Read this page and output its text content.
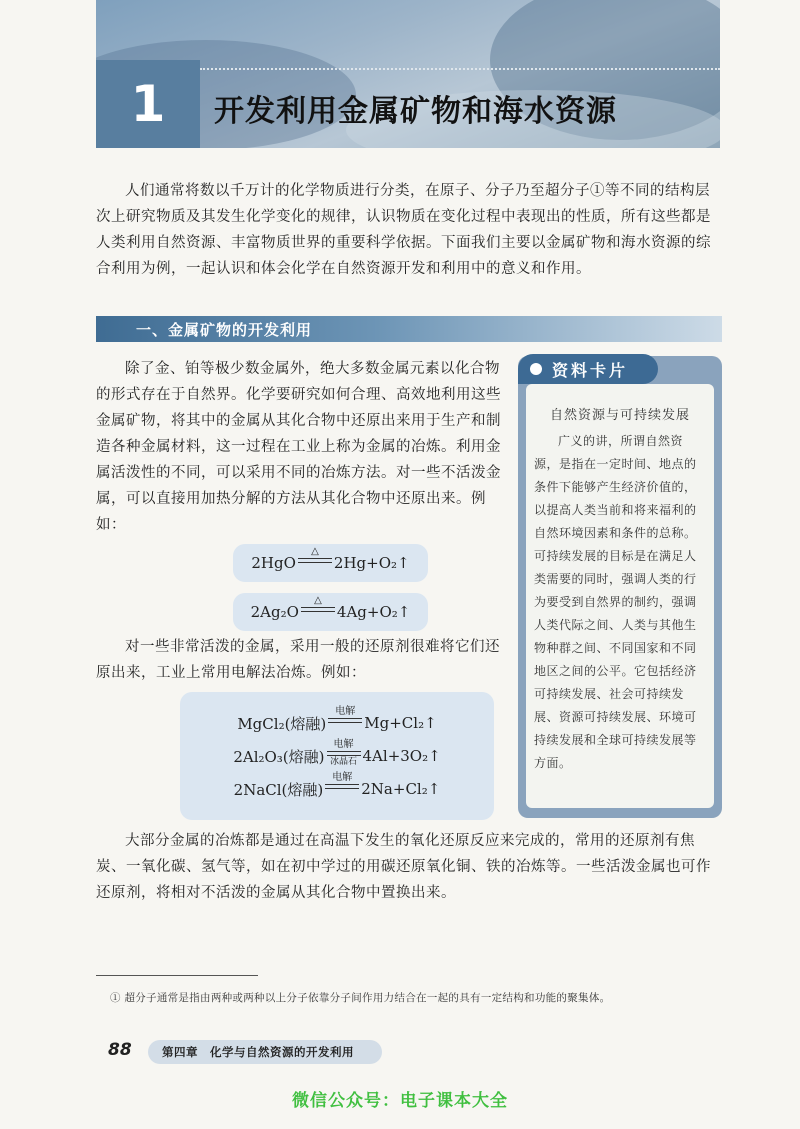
1	开发利用金属矿物和海水资源

人们通常将数以千万计的化学物质进行分类，在原子、分子乃至超分子①等不同的结构层次上研究物质及其发生化学变化的规律，认识物质在变化过程中表现出的性质，所有这些都是人类利用自然资源、丰富物质世界的重要科学依据。下面我们主要以金属矿物和海水资源的综合利用为例，一起认识和体会化学在自然资源开发和利用中的意义和作用。

一、金属矿物的开发利用

除了金、铂等极少数金属外，绝大多数金属元素以化合物的形式存在于自然界。化学要研究如何合理、高效地利用这些金属矿物，将其中的金属从其化合物中还原出来用于生产和制造各种金属材料，这一过程在工业上称为金属的冶炼。利用金属活泼性的不同，可以采用不同的冶炼方法。对一些不活泼金属，可以直接用加热分解的方法从其化合物中还原出来。例如：

2HgO
△
2Hg+O₂↑
2Ag₂O
△
4Ag+O₂↑

对一些非常活泼的金属，采用一般的还原剂很难将它们还原出来，工业上常用电解法冶炼。例如：

MgCl₂(熔融)
电解
Mg+Cl₂↑
2Al₂O₃(熔融)
电解
冰晶石 4Al+3O₂↑
2NaCl(熔融)
电解
2Na+Cl₂↑

大部分金属的冶炼都是通过在高温下发生的氧化还原反应来完成的，常用的还原剂有焦炭、一氧化碳、氢气等，如在初中学过的用碳还原氧化铜、铁的冶炼等。一些活泼金属也可作还原剂，将相对不活泼的金属从其化合物中置换出来。

资料卡片
自然资源与可持续发展
广义的讲，所谓自然资源，是指在一定时间、地点的条件下能够产生经济价值的，以提高人类当前和将来福利的自然环境因素和条件的总称。可持续发展的目标是在满足人类需要的同时，强调人类的行为要受到自然界的制约，强调人类代际之间、人类与其他生物种群之间、不同国家和不同地区之间的公平。它包括经济可持续发展、社会可持续发展、资源可持续发展、环境可持续发展和全球可持续发展等方面。
① 超分子通常是指由两种或两种以上分子依靠分子间作用力结合在一起的具有一定结构和功能的聚集体。
88	第四章　化学与自然资源的开发利用
微信公众号：电子课本大全
